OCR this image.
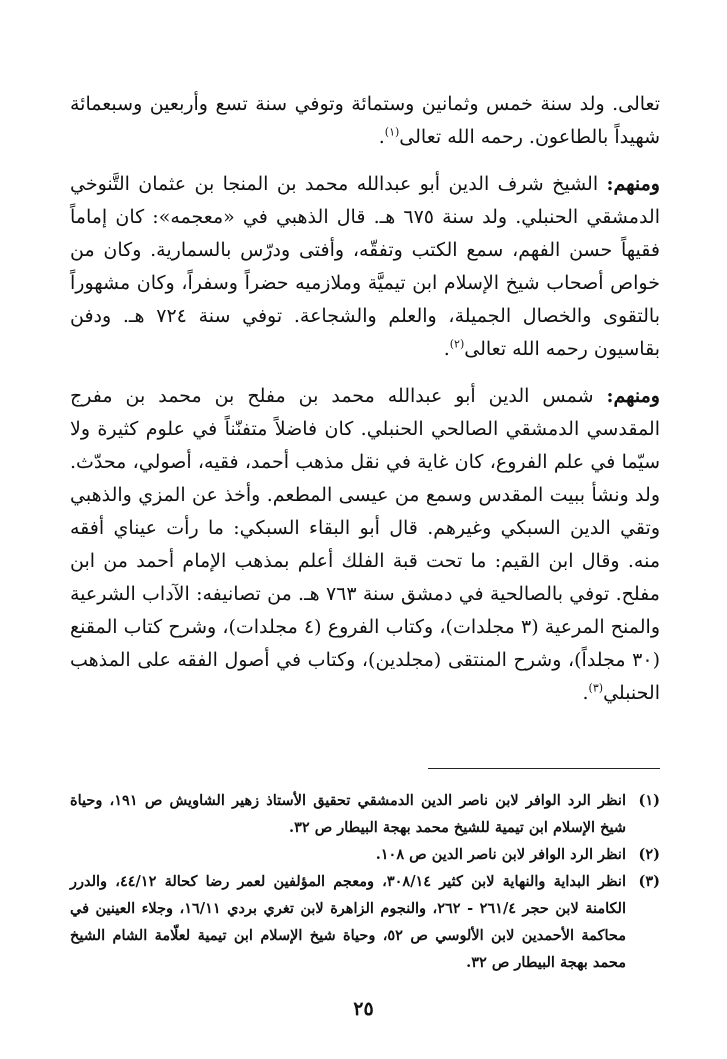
تعالى. ولد سنة خمس وثمانين وستمائة وتوفي سنة تسع وأربعين وسبعمائة شهيداً بالطاعون. رحمه الله تعالى$^{(١)}$.

ومنهم: الشيخ شرف الدين أبو عبدالله محمد بن المنجا بن عثمان التَّنوخي الدمشقي الحنبلي. ولد سنة ٦٧٥ هـ. قال الذهبي في «معجمه»: كان إماماً فقيهاً حسن الفهم، سمع الكتب وتفقّه، وأفتى ودرّس بالسمارية. وكان من خواص أصحاب شيخ الإسلام ابن تيميَّة وملازميه حضراً وسفراً، وكان مشهوراً بالتقوى والخصال الجميلة، والعلم والشجاعة. توفي سنة ٧٢٤ هـ. ودفن بقاسيون رحمه الله تعالى$^{(٢)}$.

ومنهم: شمس الدين أبو عبدالله محمد بن مفلح بن محمد بن مفرج المقدسي الدمشقي الصالحي الحنبلي. كان فاضلاً متفنّناً في علوم كثيرة ولا سيّما في علم الفروع، كان غاية في نقل مذهب أحمد، فقيه، أصولي، محدّث. ولد ونشأ ببيت المقدس وسمع من عيسى المطعم. وأخذ عن المزي والذهبي وتقي الدين السبكي وغيرهم. قال أبو البقاء السبكي: ما رأت عيناي أفقه منه. وقال ابن القيم: ما تحت قبة الفلك أعلم بمذهب الإمام أحمد من ابن مفلح. توفي بالصالحية في دمشق سنة ٧٦٣ هـ. من تصانيفه: الآداب الشرعية والمنح المرعية (٣ مجلدات)، وكتاب الفروع (٤ مجلدات)، وشرح كتاب المقنع (٣٠ مجلداً)، وشرح المنتقى (مجلدين)، وكتاب في أصول الفقه على المذهب الحنبلي$^{(٣)}$.

(١)
انظر الرد الوافر لابن ناصر الدين الدمشقي تحقيق الأستاذ زهير الشاويش ص ١٩١، وحياة شيخ الإسلام ابن تيمية للشيخ محمد بهجة البيطار ص ٣٢.
(٢)
انظر الرد الوافر لابن ناصر الدين ص ١٠٨.
(٣)
انظر البداية والنهاية لابن كثير ٣٠٨/١٤، ومعجم المؤلفين لعمر رضا كحالة ٤٤/١٢، والدرر الكامنة لابن حجر ٢٦١/٤ - ٢٦٢، والنجوم الزاهرة لابن تغري بردي ١٦/١١، وجلاء العينين في محاكمة الأحمدين لابن الألوسي ص ٥٢، وحياة شيخ الإسلام ابن تيمية لعلّامة الشام الشيخ محمد بهجة البيطار ص ٣٢.
٢٥
